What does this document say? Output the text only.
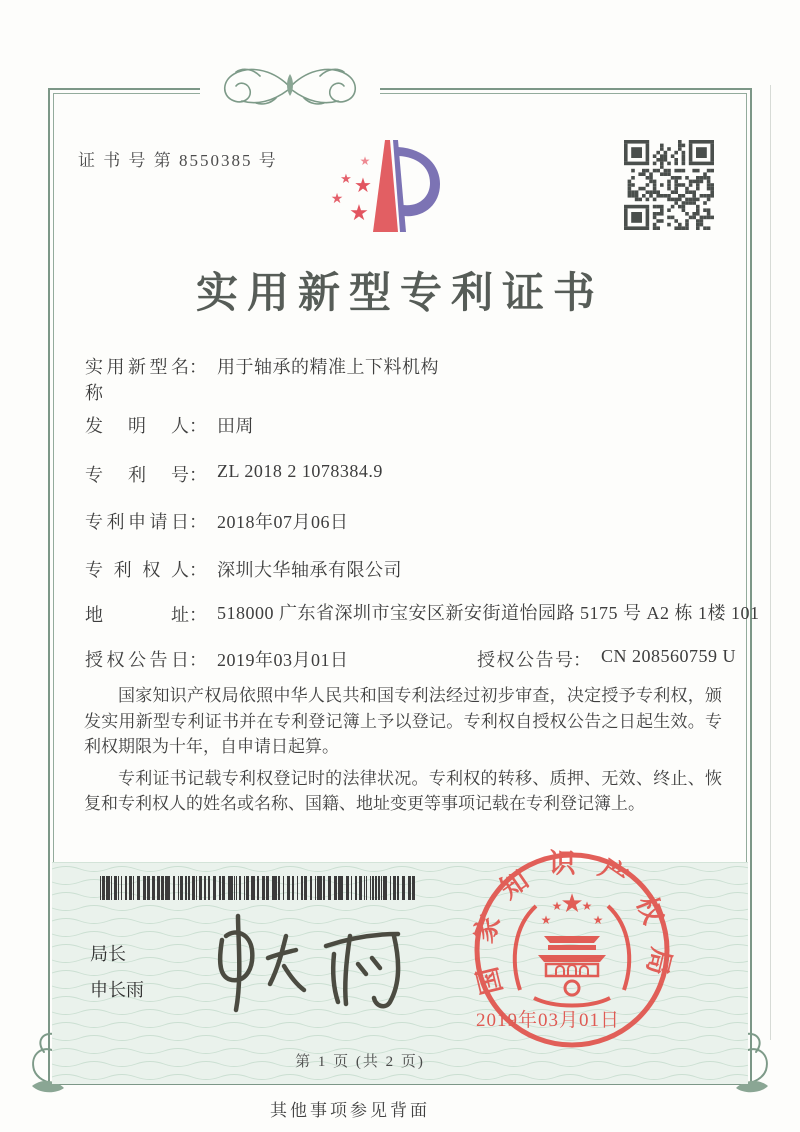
证 书 号 第 8550385 号	★
★ ★
★
★
实用新型专利证书
实用新型名称
： 用于轴承的精准上下料机构
发明人 ： 田周
专利号 ： ZL 2018 2 1078384.9
专利申请日 ： 2018年07月06日
专利权人 ： 深圳大华轴承有限公司
地址 ： 518000 广东省深圳市宝安区新安街道怡园路 5175 号 A2 栋 1楼 101
授权公告日 ： 2019年03月01日	授权公告号 ： CN 208560759 U

国家知识产权局依照中华人民共和国专利法经过初步审查，决定授予专利权，颁发实用新型专利证书并在专利登记簿上予以登记。专利权自授权公告之日起生效。专利权期限为十年，自申请日起算。

专利证书记载专利权登记时的法律状况。专利权的转移、质押、无效、终止、恢复和专利权人的姓名或名称、国籍、地址变更等事项记载在专利登记簿上。

局长
申长雨	国家知识产权局
★
★
★ ★
★
2019年03月01日
第 1 页 (共 2 页)
其他事项参见背面
